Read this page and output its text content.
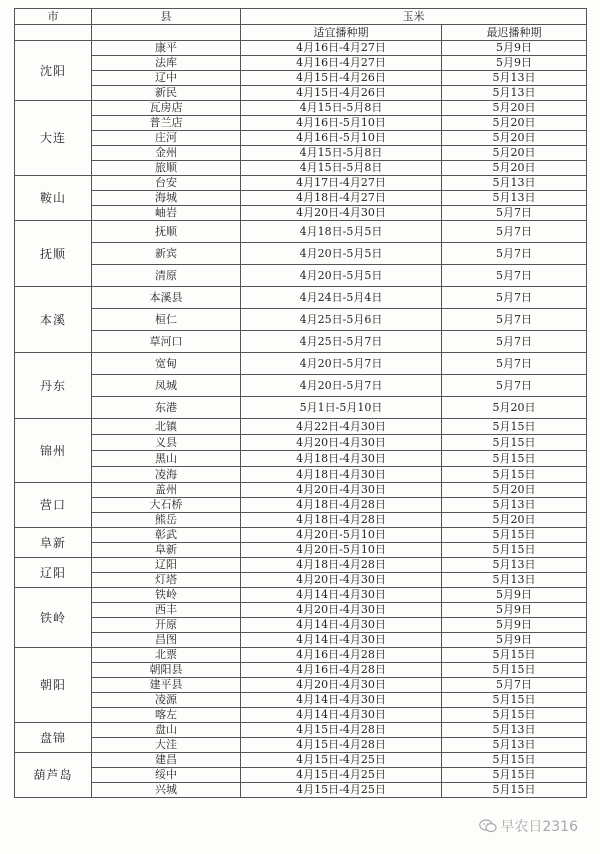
市	县	玉米	
		适宜播种期	最迟播种期
沈阳	康平	4月16日-4月27日	5月9日
	法库	4月16日-4月27日	5月9日
	辽中	4月15日-4月26日	5月13日
	新民	4月15日-4月26日	5月13日
大连	瓦房店	4月15日-5月8日	5月20日
	普兰店	4月16日-5月10日	5月20日
	庄河	4月16日-5月10日	5月20日
	金州	4月15日-5月8日	5月20日
	旅顺	4月15日-5月8日	5月20日
鞍山	台安	4月17日-4月27日	5月13日
	海城	4月18日-4月27日	5月13日
	岫岩	4月20日-4月30日	5月7日
抚顺	抚顺	4月18日-5月5日	5月7日
	新宾	4月20日-5月5日	5月7日
	清原	4月20日-5月5日	5月7日
本溪	本溪县	4月24日-5月4日	5月7日
	桓仁	4月25日-5月6日	5月7日
	草河口	4月25日-5月7日	5月7日
丹东	宽甸	4月20日-5月7日	5月7日
	凤城	4月20日-5月7日	5月7日
	东港	5月1日-5月10日	5月20日
锦州	北镇	4月22日-4月30日	5月15日
	义县	4月20日-4月30日	5月15日
	黑山	4月18日-4月30日	5月15日
	凌海	4月18日-4月30日	5月15日
营口	盖州	4月20日-4月30日	5月20日
	大石桥	4月18日-4月28日	5月13日
	熊岳	4月18日-4月28日	5月20日
阜新	彰武	4月20日-5月10日	5月15日
	阜新	4月20日-5月10日	5月15日
辽阳	辽阳	4月18日-4月28日	5月13日
	灯塔	4月20日-4月30日	5月13日
铁岭	铁岭	4月14日-4月30日	5月9日
	西丰	4月20日-4月30日	5月9日
	开原	4月14日-4月30日	5月9日
	昌图	4月14日-4月30日	5月9日
朝阳	北票	4月16日-4月28日	5月15日
	朝阳县	4月16日-4月28日	5月15日
	建平县	4月20日-4月30日	5月7日
	凌源	4月14日-4月30日	5月15日
	喀左	4月14日-4月30日	5月15日
盘锦	盘山	4月15日-4月28日	5月13日
	大洼	4月15日-4月28日	5月13日
葫芦岛	建昌	4月15日-4月25日	5月15日
	绥中	4月15日-4月25日	5月15日
	兴城	4月15日-4月25日	5月15日
早农日2316
